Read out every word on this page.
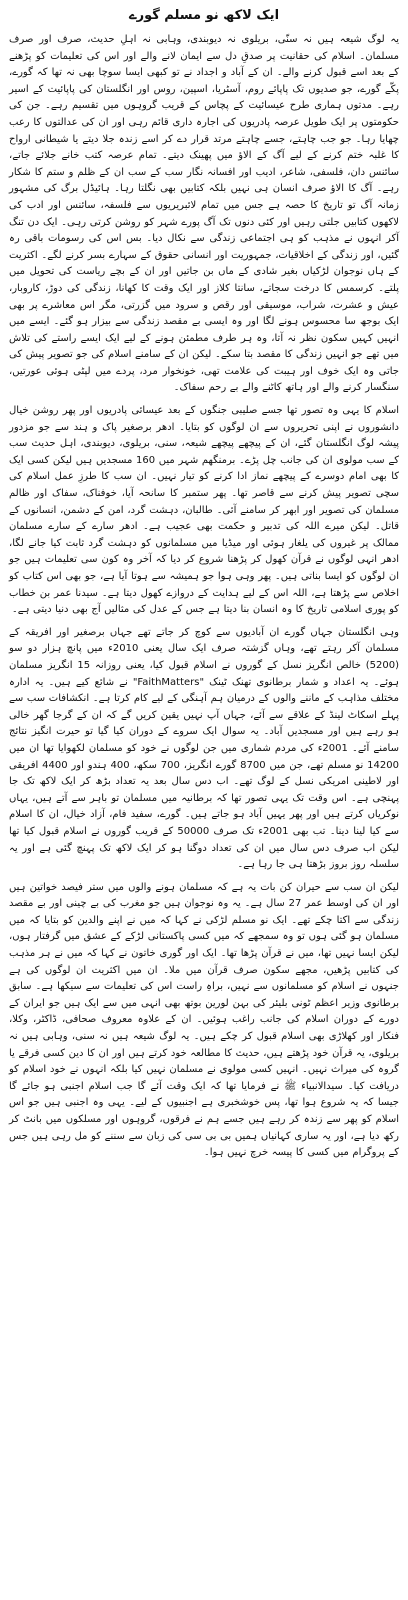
ایک لاکھ نو مسلم گورے

یہ لوگ شیعہ ہیں نہ سنّی، بریلوی نہ دیوبندی، وہابی نہ اہلِ حدیث، صرف اور صرف مسلمان۔ اسلام کی حقانیت پر صدقِ دل سے ایمان لانے والے اور اس کی تعلیمات کو پڑھنے کے بعد اسے قبول کرنے والے۔ ان کے آباد و اجداد نے تو کبھی ایسا سوچا بھی نہ تھا کہ گورے، پکّے گورے، جو صدیوں تک پاپائے روم، آسٹریا، اسپین، روس اور انگلستان کی پاپائیت کے اسیر رہے۔ مدتوں ہماری طرح عیسائیت کے پچاس کے قریب گروہوں میں تقسیم رہے۔ جن کی حکومتوں پر ایک طویل عرصہ پادریوں کی اجارہ داری قائم رہی اور ان کی عدالتوں کا رعب چھایا رہا۔ جو جب چاہتے، جسے چاہتے مرتد قرار دے کر اسے زندہ جلا دیتے یا شیطانی ارواح کا غلبہ ختم کرنے کے لیے آگ کے الاؤ میں پھینک دیتے۔ تمام عرصہ کتب خانے جلائے جاتے، سائنس دان، فلسفی، شاعر، ادیب اور افسانہ نگار سب کے سب ان کے ظلم و ستم کا شکار رہے۔ آگ کا الاؤ صرف انسان ہی نہیں بلکہ کتابیں بھی نگلتا رہا۔ ہائیڈل برگ کی مشہور زمانہ آگ تو تاریخ کا حصہ ہے جس میں تمام لائبریریوں سے فلسفہ، سائنس اور ادب کی لاکھوں کتابیں جلتی رہیں اور کئی دنوں تک آگ پورے شہر کو روشن کرتی رہی۔ ایک دن تنگ آکر انہوں نے مذہب کو ہی اجتماعی زندگی سے نکال دیا۔ بس اس کی رسومات باقی رہ گئیں، اور زندگی کے اخلاقیات، جمہوریت اور انسانی حقوق کے سہارے بسر کرنے لگے۔ اکثریت کے ہاں نوجوان لڑکیاں بغیر شادی کے ماں بن جاتیں اور ان کے بچے ریاست کی تحویل میں پلتے۔ کرسمس کا درخت سجاتے، سانتا کلاز اور ایک وقت کا کھانا، زندگی کی دوڑ، کاروبار، عیش و عشرت، شراب، موسیقی اور رقص و سرود میں گزرتی، مگر اس معاشرے پر بھی ایک بوجھ سا محسوس ہونے لگا اور وہ ایسی بے مقصد زندگی سے بیزار ہو گئے۔ ایسے میں انہیں کہیں سکون نظر نہ آتا، وہ ہر طرف مطمئن ہونے کے لیے ایک ایسے راستے کی تلاش میں تھے جو انہیں زندگی کا مقصد بتا سکے۔ لیکن ان کے سامنے اسلام کی جو تصویر پیش کی جاتی وہ ایک خوف اور ہیبت کی علامت تھی، خونخوار مرد، پردے میں لپٹی ہوئی عورتیں، سنگسار کرنے والے اور ہاتھ کاٹنے والے بے رحم سفاک۔

اسلام کا یہی وہ تصور تھا جسے صلیبی جنگوں کے بعد عیسائی پادریوں اور پھر روشن خیال دانشوروں نے اپنی تحریروں سے ان لوگوں کو بتایا۔ ادھر برصغیر پاک و ہند سے جو مزدور پیشہ لوگ انگلستان گئے، ان کے پیچھے پیچھے شیعہ، سنی، بریلوی، دیوبندی، اہل حدیث سب کے سب مولوی ان کی جانب چل پڑے۔ برمنگھم شہر میں 160 مسجدیں ہیں لیکن کسی ایک کا بھی امام دوسرے کے پیچھے نماز ادا کرنے کو تیار نہیں۔ ان سب کا طرزِ عمل اسلام کی سچی تصویر پیش کرنے سے قاصر تھا۔ پھر ستمبر کا سانحہ آیا، خوفناک، سفاک اور ظالم مسلمان کی تصویر اور ابھر کر سامنے آئی۔ طالبان، دہشت گرد، امن کے دشمن، انسانوں کے قاتل۔ لیکن میرے اللہ کی تدبیر و حکمت بھی عجیب ہے۔ ادھر سارے کے سارے مسلمان ممالک پر غیروں کی یلغار ہوئی اور میڈیا میں مسلمانوں کو دہشت گرد ثابت کیا جانے لگا، ادھر انہی لوگوں نے قرآن کھول کر پڑھنا شروع کر دیا کہ آخر وہ کون سی تعلیمات ہیں جو ان لوگوں کو ایسا بناتی ہیں۔ پھر وہی ہوا جو ہمیشہ سے ہوتا آیا ہے، جو بھی اس کتاب کو اخلاص سے پڑھتا ہے، اللہ اس کے لیے ہدایت کے دروازے کھول دیتا ہے۔ سیدنا عمر بن خطاب کو پوری اسلامی تاریخ کا وہ انسان بنا دیتا ہے جس کے عدل کی مثالیں آج بھی دنیا دیتی ہے۔

وہی انگلستان جہاں گورے ان آبادیوں سے کوچ کر جاتے تھے جہاں برصغیر اور افریقہ کے مسلمان آکر رہتے تھے، وہاں گزشتہ صرف ایک سال یعنی 2010ء میں پانچ ہزار دو سو (5200) خالص انگریز نسل کے گوروں نے اسلام قبول کیا، یعنی روزانہ 15 انگریز مسلمان ہوئے۔ یہ اعداد و شمار برطانوی تھنک ٹینک "FaithMatters" نے شائع کیے ہیں۔ یہ ادارہ مختلف مذاہب کے ماننے والوں کے درمیان ہم آہنگی کے لیے کام کرتا ہے۔ انکشافات سب سے پہلے اسکاٹ لینڈ کے علاقے سے آئے، جہاں آپ نہیں یقین کریں گے کہ ان کے گرجا گھر خالی ہو رہے ہیں اور مسجدیں آباد۔ یہ سوال ایک سروے کے دوران کیا گیا تو حیرت انگیز نتائج سامنے آئے۔ 2001ء کی مردم شماری میں جن لوگوں نے خود کو مسلمان لکھوایا تھا ان میں 14200 نو مسلم تھے، جن میں 8700 گورے انگریز، 700 سکھ، 400 ہندو اور 4400 افریقی اور لاطینی امریکی نسل کے لوگ تھے۔ اب دس سال بعد یہ تعداد بڑھ کر ایک لاکھ تک جا پہنچی ہے۔ اس وقت تک یہی تصور تھا کہ برطانیہ میں مسلمان تو باہر سے آتے ہیں، یہاں نوکریاں کرتے ہیں اور پھر یہیں آباد ہو جاتے ہیں۔ گورے، سفید فام، آزاد خیال، ان کا اسلام سے کیا لینا دینا۔ تب بھی 2001ء تک صرف 50000 کے قریب گوروں نے اسلام قبول کیا تھا لیکن اب صرف دس سال میں ان کی تعداد دوگنا ہو کر ایک لاکھ تک پہنچ گئی ہے اور یہ سلسلہ روز بروز بڑھتا ہی جا رہا ہے۔

لیکن ان سب سے حیران کن بات یہ ہے کہ مسلمان ہونے والوں میں ستر فیصد خواتین ہیں اور ان کی اوسط عمر 27 سال ہے۔ یہ وہ نوجوان ہیں جو مغرب کی بے چینی اور بے مقصد زندگی سے اکتا چکے تھے۔ ایک نو مسلم لڑکی نے کہا کہ میں نے اپنے والدین کو بتایا کہ میں مسلمان ہو گئی ہوں تو وہ سمجھے کہ میں کسی پاکستانی لڑکے کے عشق میں گرفتار ہوں، لیکن ایسا نہیں تھا، میں نے قرآن پڑھا تھا۔ ایک اور گوری خاتون نے کہا کہ میں نے ہر مذہب کی کتابیں پڑھیں، مجھے سکون صرف قرآن میں ملا۔ ان میں اکثریت ان لوگوں کی ہے جنہوں نے اسلام کو مسلمانوں سے نہیں، براہِ راست اس کی تعلیمات سے سیکھا ہے۔ سابق برطانوی وزیر اعظم ٹونی بلیئر کی بہن لورین بوتھ بھی انہی میں سے ایک ہیں جو ایران کے دورے کے دوران اسلام کی جانب راغب ہوئیں۔ ان کے علاوہ معروف صحافی، ڈاکٹر، وکلا، فنکار اور کھلاڑی بھی اسلام قبول کر چکے ہیں۔ یہ لوگ شیعہ ہیں نہ سنی، وہابی ہیں نہ بریلوی، یہ قرآن خود پڑھتے ہیں، حدیث کا مطالعہ خود کرتے ہیں اور ان کا دین کسی فرقے یا گروہ کی میراث نہیں۔ انہیں کسی مولوی نے مسلمان نہیں کیا بلکہ انہوں نے خود اسلام کو دریافت کیا۔ سیدالانبیاء ﷺ نے فرمایا تھا کہ ایک وقت آئے گا جب اسلام اجنبی ہو جائے گا جیسا کہ یہ شروع ہوا تھا، پس خوشخبری ہے اجنبیوں کے لیے۔ یہی وہ اجنبی ہیں جو اس اسلام کو پھر سے زندہ کر رہے ہیں جسے ہم نے فرقوں، گروہوں اور مسلکوں میں بانٹ کر رکھ دیا ہے، اور یہ ساری کہانیاں ہمیں بی بی سی کی زبان سے سننے کو مل رہی ہیں جس کے پروگرام میں کسی کا پیسہ خرچ نہیں ہوا۔
